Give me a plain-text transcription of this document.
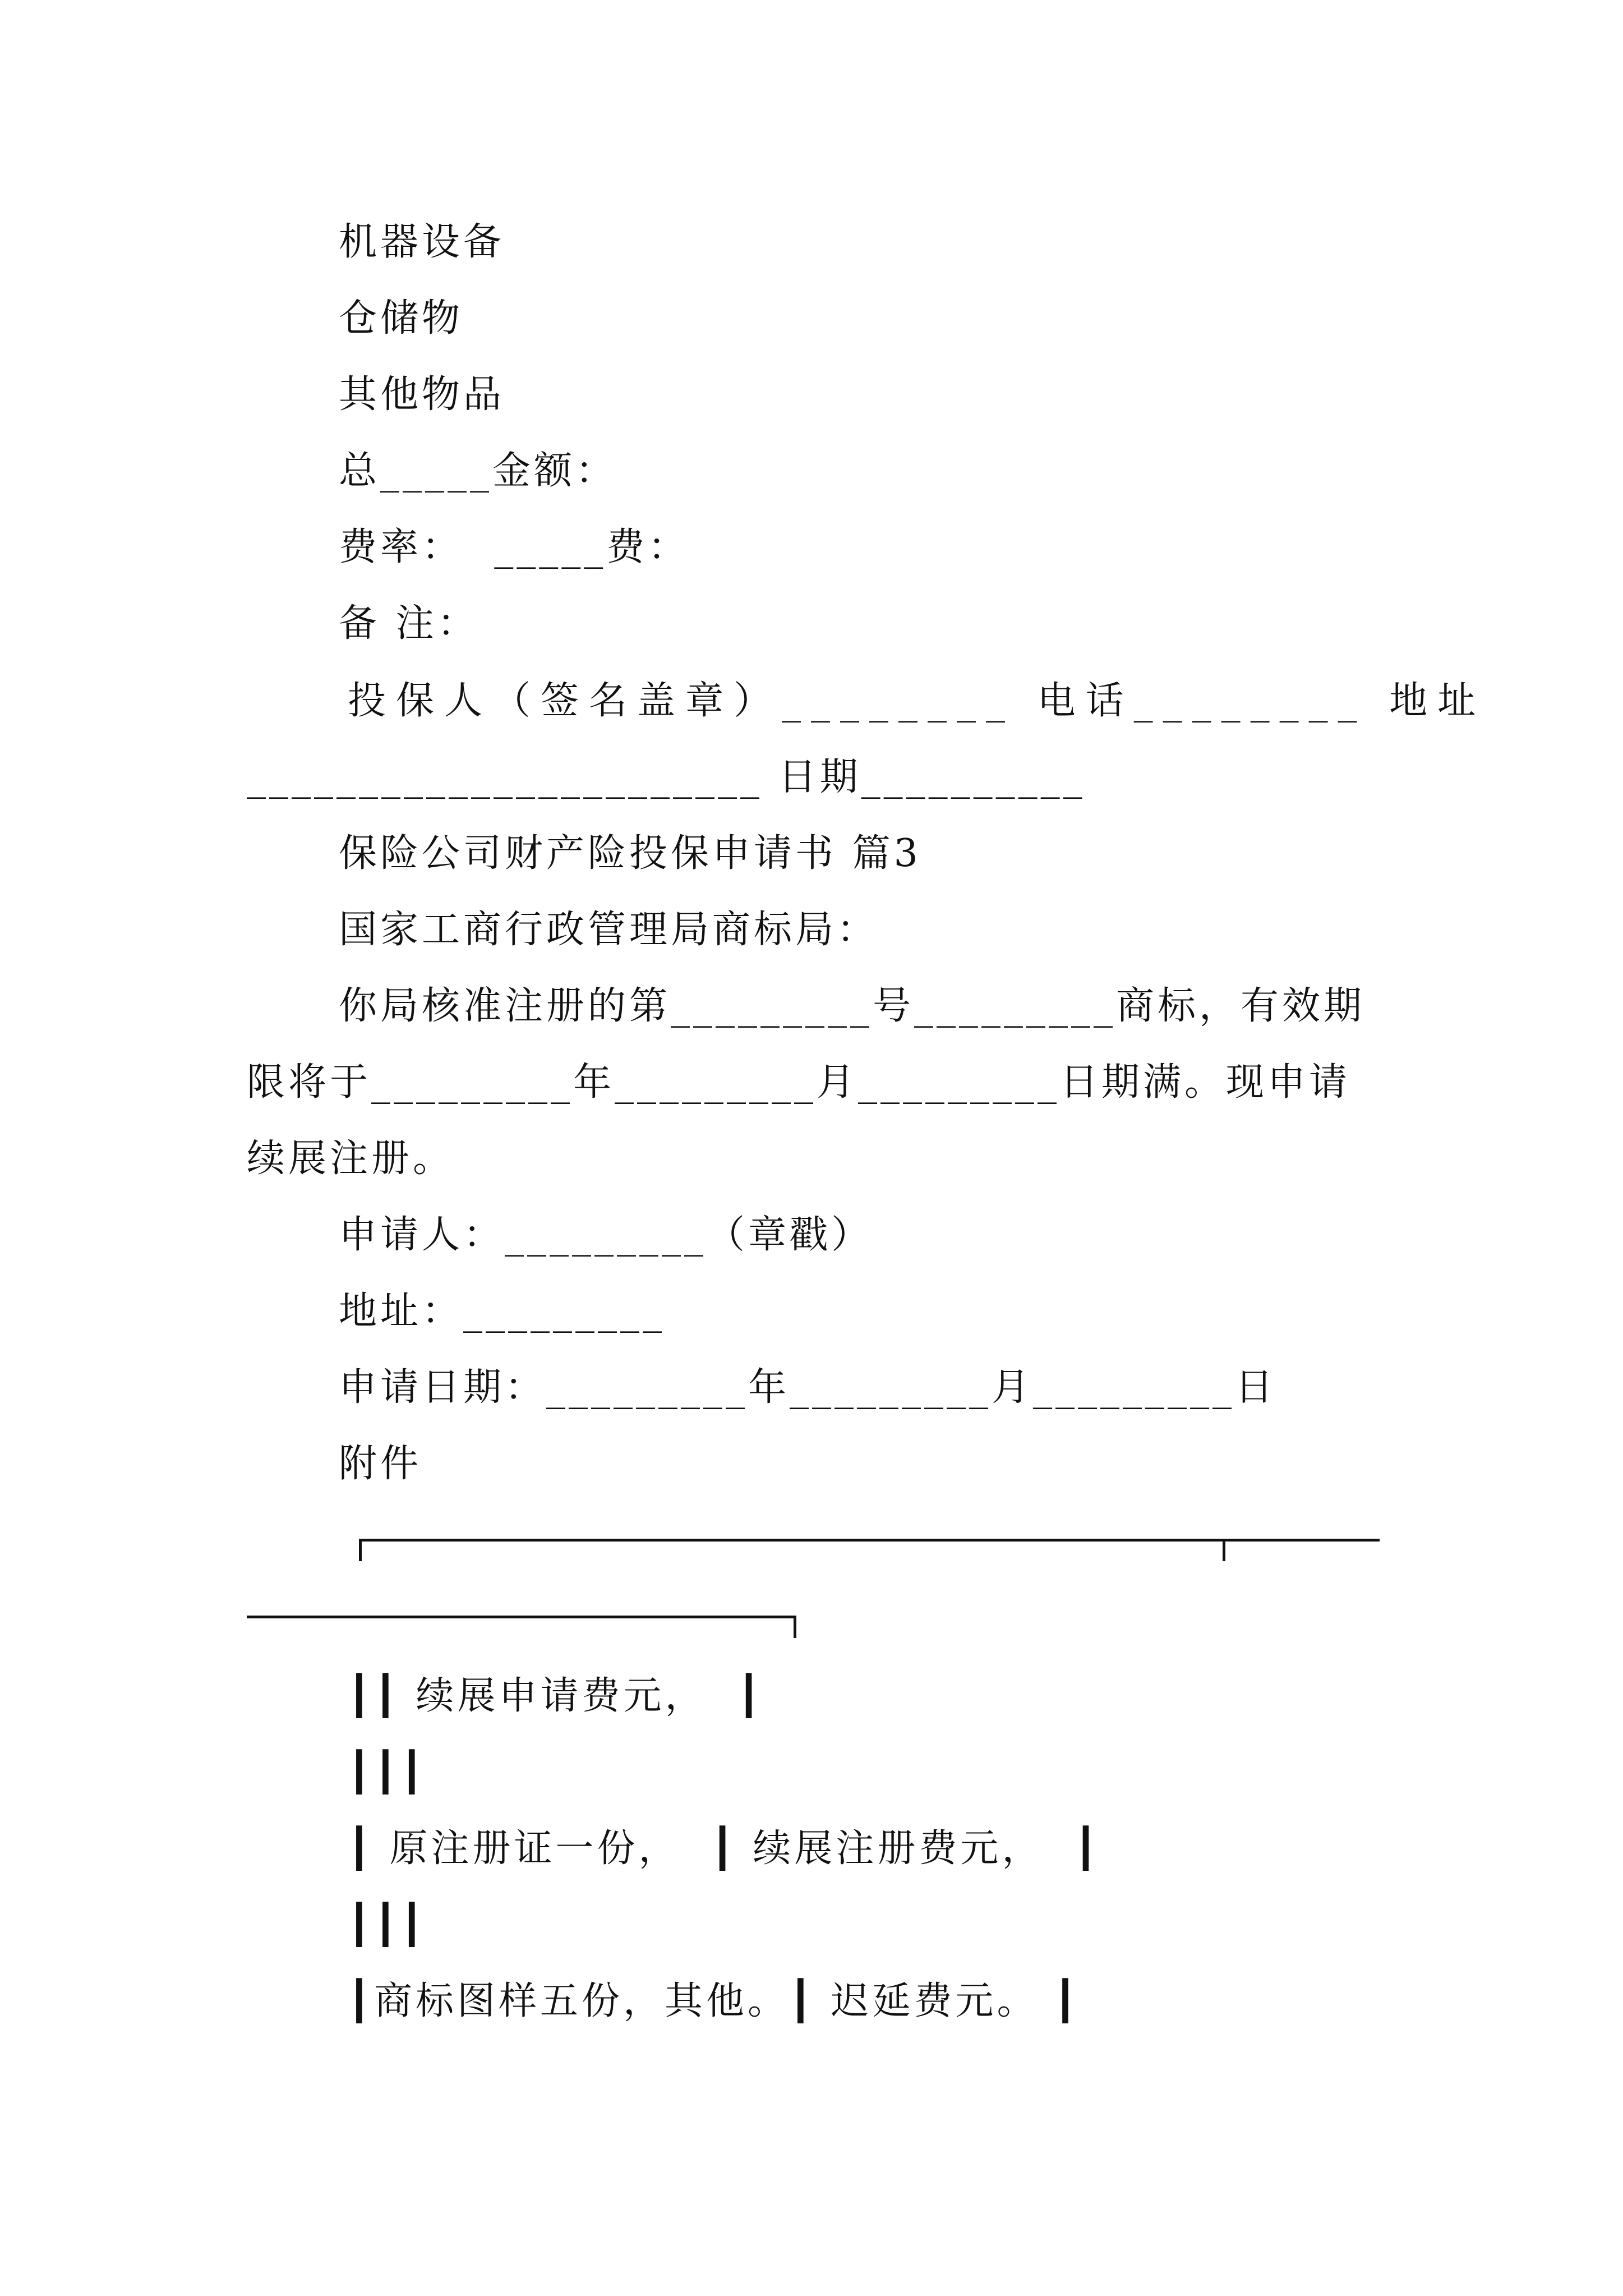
机器设备
仓储物
其他物品
总_____金额：
费率：  _____费：
备 注：
投保人（签名盖章）________ 电话________ 地址
_______________________ 日期__________
保险公司财产险投保申请书 篇3
国家工商行政管理局商标局：
你局核准注册的第_________号_________商标，有效期
限将于_________年_________月_________日期满。现申请
续展注册。
申请人：_________（章戳）
地址：_________
申请日期：_________年_________月_________日
附件
┃┃ 续展申请费元，  ┃
┃┃┃
┃ 原注册证一份，  ┃ 续展注册费元，  ┃
┃┃┃
┃商标图样五份，其他。┃ 迟延费元。 ┃
